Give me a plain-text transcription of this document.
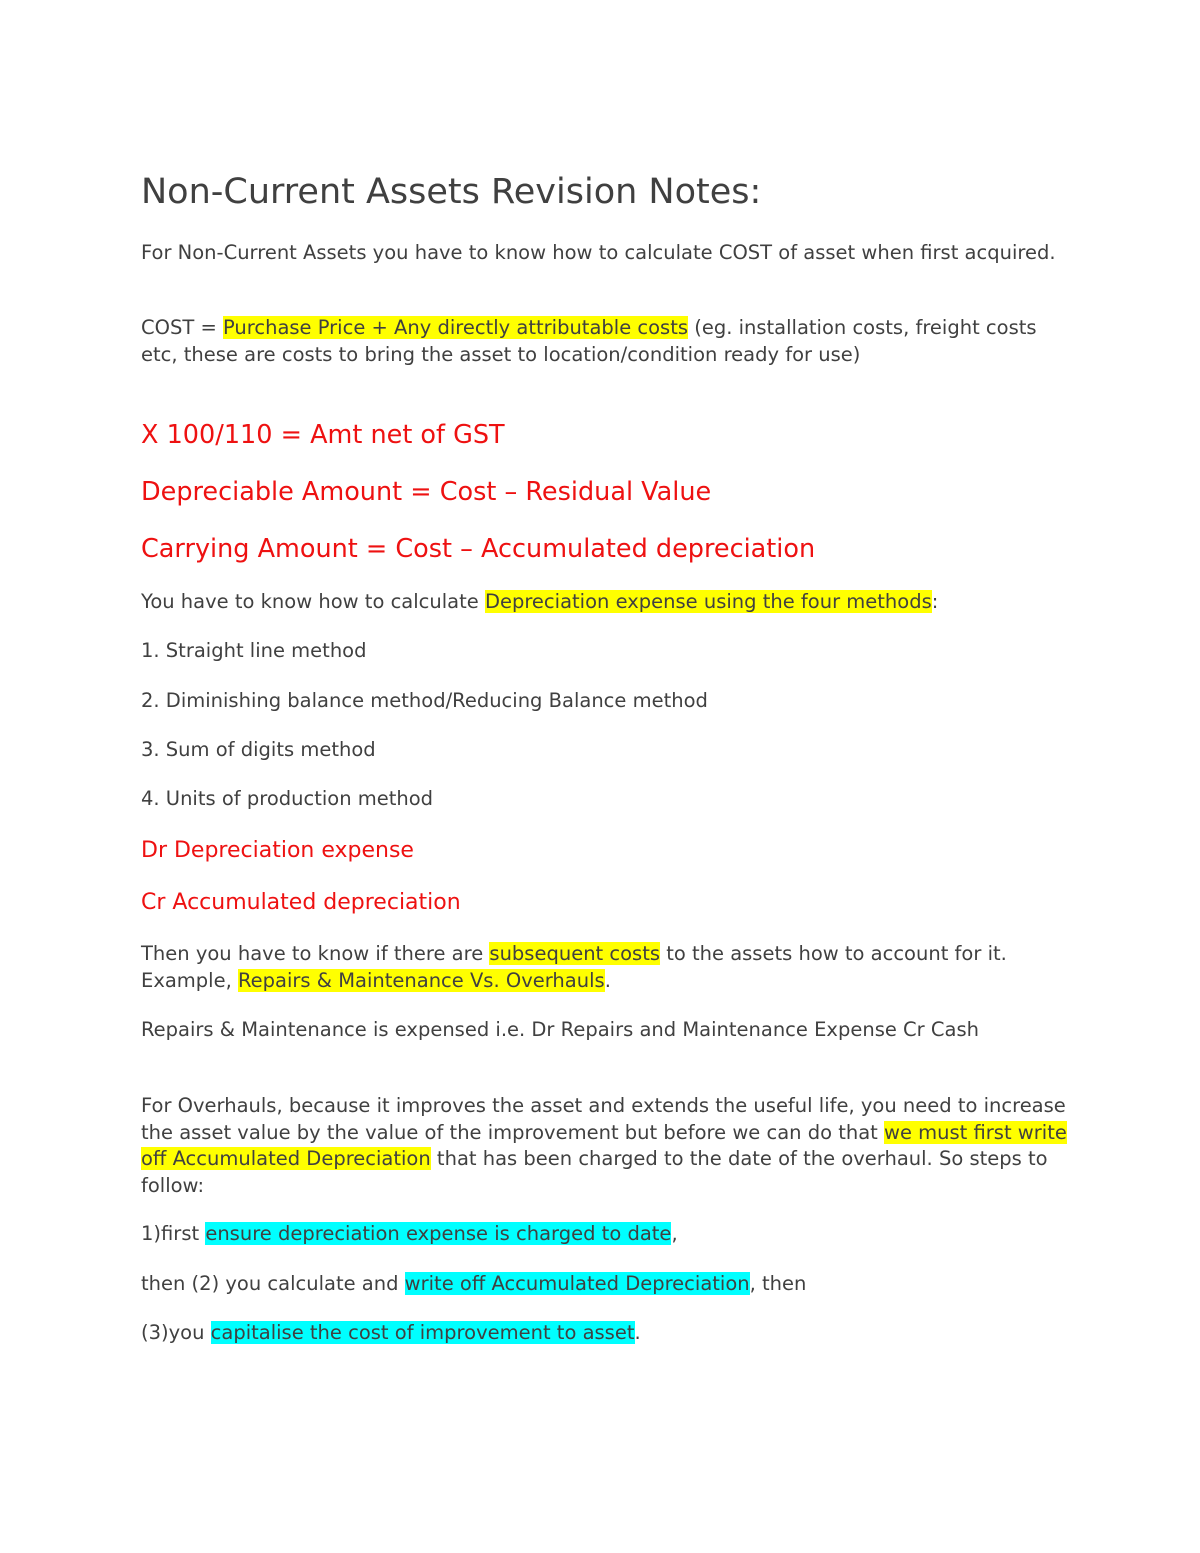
Non-Current Assets Revision Notes:

For Non-Current Assets you have to know how to calculate COST of asset when first acquired.

COST = Purchase Price + Any directly attributable costs (eg. installation costs, freight costs etc, these are costs to bring the asset to location/condition ready for use)

X 100/110 = Amt net of GST

Depreciable Amount = Cost – Residual Value

Carrying Amount = Cost – Accumulated depreciation

You have to know how to calculate Depreciation expense using the four methods:

1. Straight line method

2. Diminishing balance method/Reducing Balance method

3. Sum of digits method

4. Units of production method

Dr Depreciation expense

Cr Accumulated depreciation

Then you have to know if there are subsequent costs to the assets how to account for it. Example, Repairs & Maintenance Vs. Overhauls.

Repairs & Maintenance is expensed i.e. Dr Repairs and Maintenance Expense Cr Cash

For Overhauls, because it improves the asset and extends the useful life, you need to increase the asset value by the value of the improvement but before we can do that we must first write off Accumulated Depreciation that has been charged to the date of the overhaul. So steps to follow:

1)first ensure depreciation expense is charged to date,

then (2) you calculate and write off Accumulated Depreciation, then

(3)you capitalise the cost of improvement to asset.
